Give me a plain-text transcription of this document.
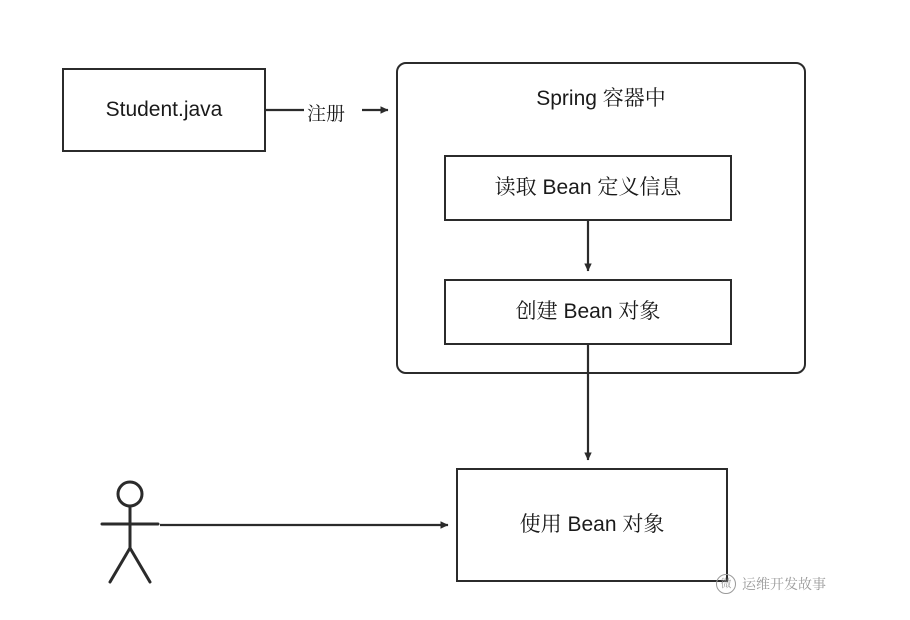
Spring 容器中
Student.java
读取 Bean 定义信息
创建 Bean 对象
使用 Bean 对象
注册
微 运维开发故事
